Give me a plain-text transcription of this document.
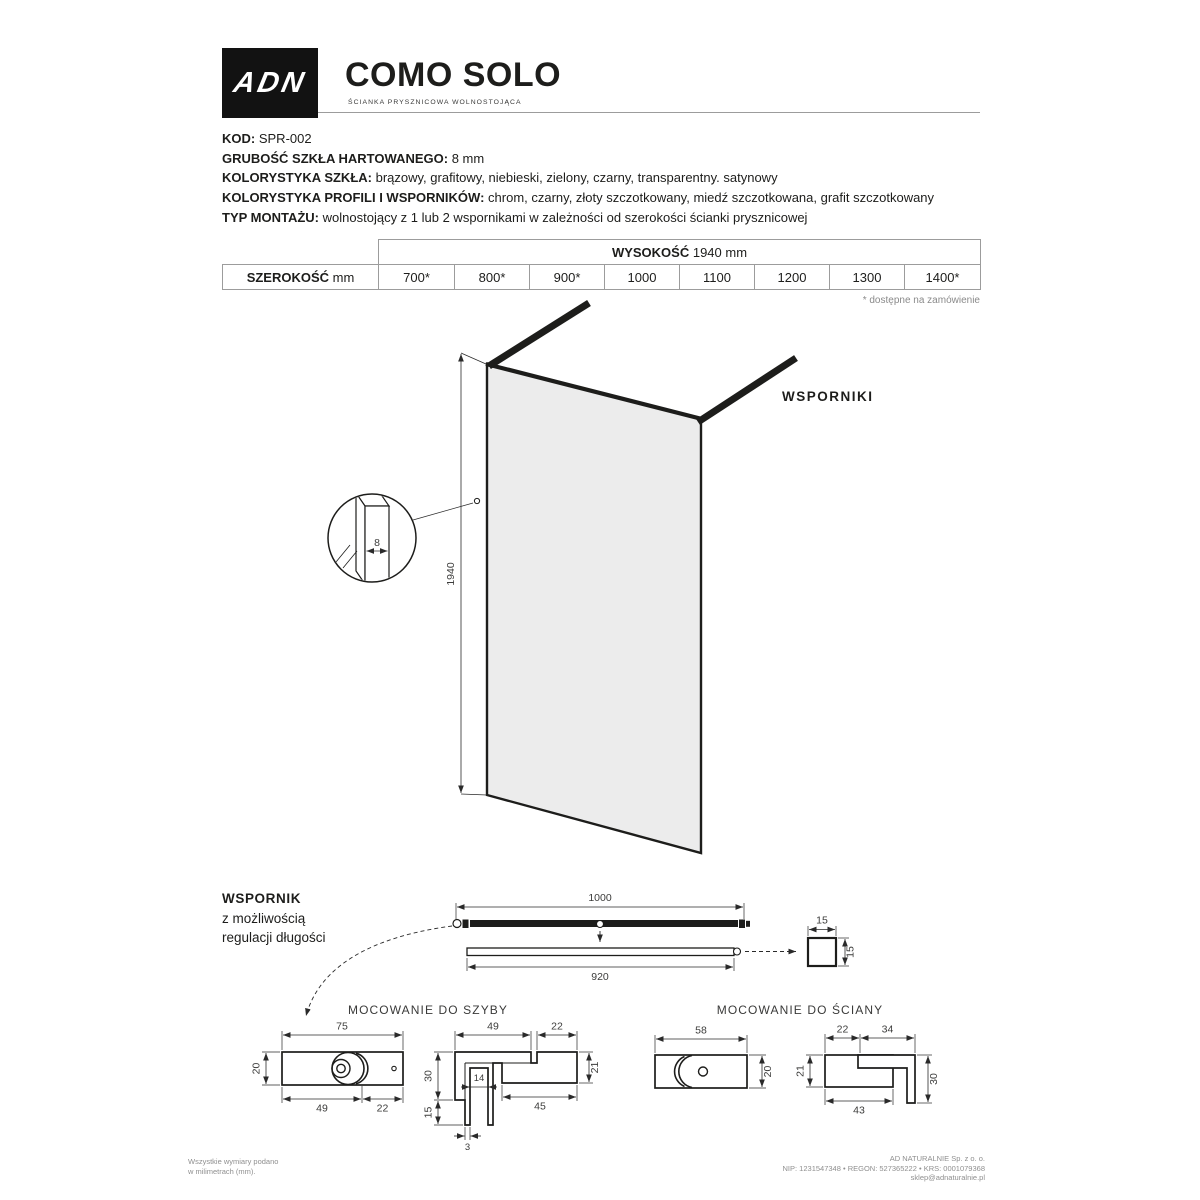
WSPORNIKI
1940
8
1000
920
15
15
75
20
49	22
49	22
30
15
14
45
21
3
58
20
22	34
21
43
30
ADN COMO SOLO
ŚCIANKA PRYSZNICOWA WOLNOSTOJĄCA
KOD: SPR-002
GRUBOŚĆ SZKŁA HARTOWANEGO: 8 mm
KOLORYSTYKA SZKŁA: brązowy, grafitowy, niebieski, zielony, czarny, transparentny. satynowy
KOLORYSTYKA PROFILI I WSPORNIKÓW: chrom, czarny, złoty szczotkowany, miedź szczotkowana, grafit szczotkowany
TYP MONTAŻU: wolnostojący z 1 lub 2 wspornikami w zależności od szerokości ścianki prysznicowej
WYSOKOŚĆ 1940 mm
SZEROKOŚĆ mm	700*	800*	900*	1000	1100	1200	1300	1400*
* dostępne na zamówienie
WSPORNIK
z możliwością
regulacji długości
MOCOWANIE DO SZYBY	MOCOWANIE DO ŚCIANY
Wszystkie wymiary podano
w milimetrach (mm).
AD NATURALNIE Sp. z o. o.
NIP: 1231547348 • REGON: 527365222 • KRS: 0001079368
sklep@adnaturalnie.pl
